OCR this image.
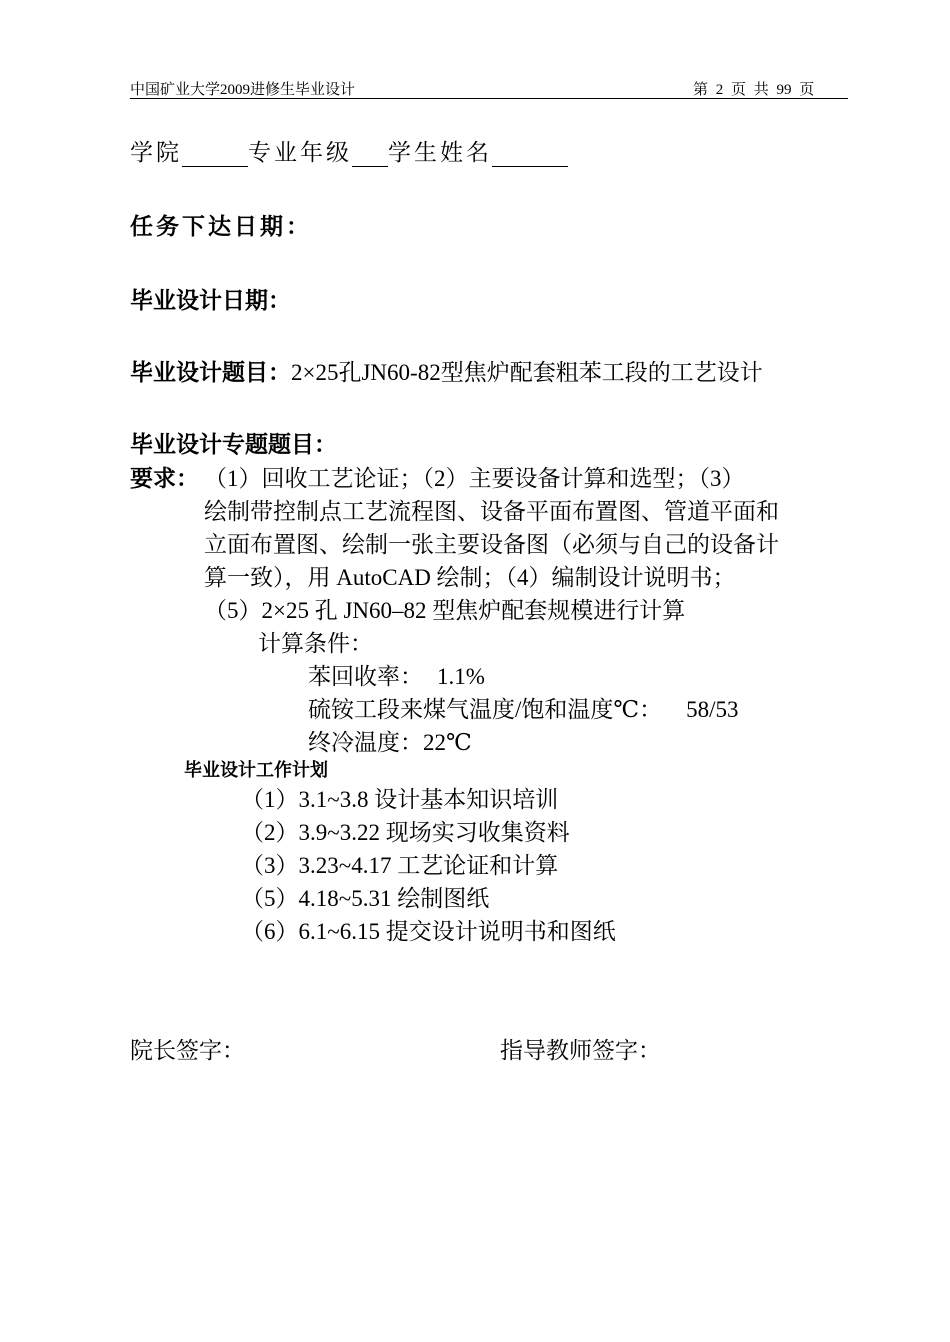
中国矿业大学2009进修生毕业设计	第 2 页 共 99 页
学院	专业年级 学生姓名
任务下达日期：
毕业设计日期：
毕业设计题目：2×25孔JN60-82型焦炉配套粗苯工段的工艺设计
毕业设计专题题目：
要求： （1）回收工艺论证；（2）主要设备计算和选型；（3）
绘制带控制点工艺流程图、设备平面布置图、管道平面和
立面布置图、绘制一张主要设备图（必须与自己的设备计
算一致），用 AutoCAD 绘制；（4）编制设计说明书；
（5）2×25 孔 JN60–82 型焦炉配套规模进行计算
计算条件：
苯回收率： 1.1%
硫铵工段来煤气温度/饱和温度℃： 58/53
终冷温度：22℃
毕业设计工作计划
（1）3.1~3.8 设计基本知识培训
（2）3.9~3.22 现场实习收集资料
（3）3.23~4.17 工艺论证和计算
（5）4.18~5.31 绘制图纸
（6）6.1~6.15 提交设计说明书和图纸
院长签字：	指导教师签字：
